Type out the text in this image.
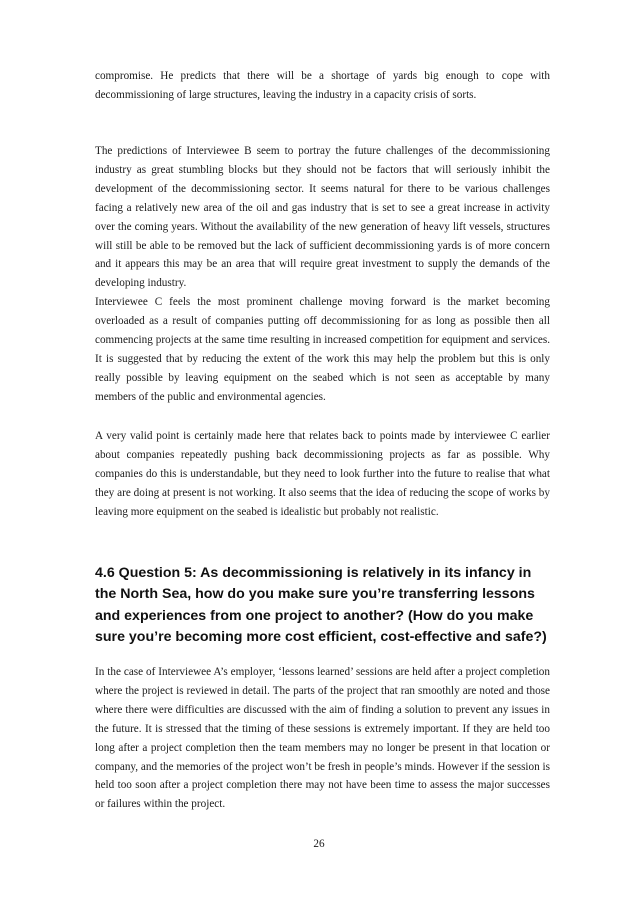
compromise. He predicts that there will be a shortage of yards big enough to cope with decommissioning of large structures, leaving the industry in a capacity crisis of sorts.

The predictions of Interviewee B seem to portray the future challenges of the decommissioning industry as great stumbling blocks but they should not be factors that will seriously inhibit the development of the decommissioning sector. It seems natural for there to be various challenges facing a relatively new area of the oil and gas industry that is set to see a great increase in activity over the coming years. Without the availability of the new generation of heavy lift vessels, structures will still be able to be removed but the lack of sufficient decommissioning yards is of more concern and it appears this may be an area that will require great investment to supply the demands of the developing industry.

Interviewee C feels the most prominent challenge moving forward is the market becoming overloaded as a result of companies putting off decommissioning for as long as possible then all commencing projects at the same time resulting in increased competition for equipment and services. It is suggested that by reducing the extent of the work this may help the problem but this is only really possible by leaving equipment on the seabed which is not seen as acceptable by many members of the public and environmental agencies.

A very valid point is certainly made here that relates back to points made by interviewee C earlier about companies repeatedly pushing back decommissioning projects as far as possible. Why companies do this is understandable, but they need to look further into the future to realise that what they are doing at present is not working. It also seems that the idea of reducing the scope of works by leaving more equipment on the seabed is idealistic but probably not realistic.

4.6 Question 5: As decommissioning is relatively in its infancy in the North Sea, how do you make sure you’re transferring lessons and experiences from one project to another? (How do you make sure you’re becoming more cost efficient, cost-effective and safe?)

In the case of Interviewee A’s employer, ‘lessons learned’ sessions are held after a project completion where the project is reviewed in detail. The parts of the project that ran smoothly are noted and those where there were difficulties are discussed with the aim of finding a solution to prevent any issues in the future. It is stressed that the timing of these sessions is extremely important. If they are held too long after a project completion then the team members may no longer be present in that location or company, and the memories of the project won’t be fresh in people’s minds. However if the session is held too soon after a project completion there may not have been time to assess the major successes or failures within the project.

26
